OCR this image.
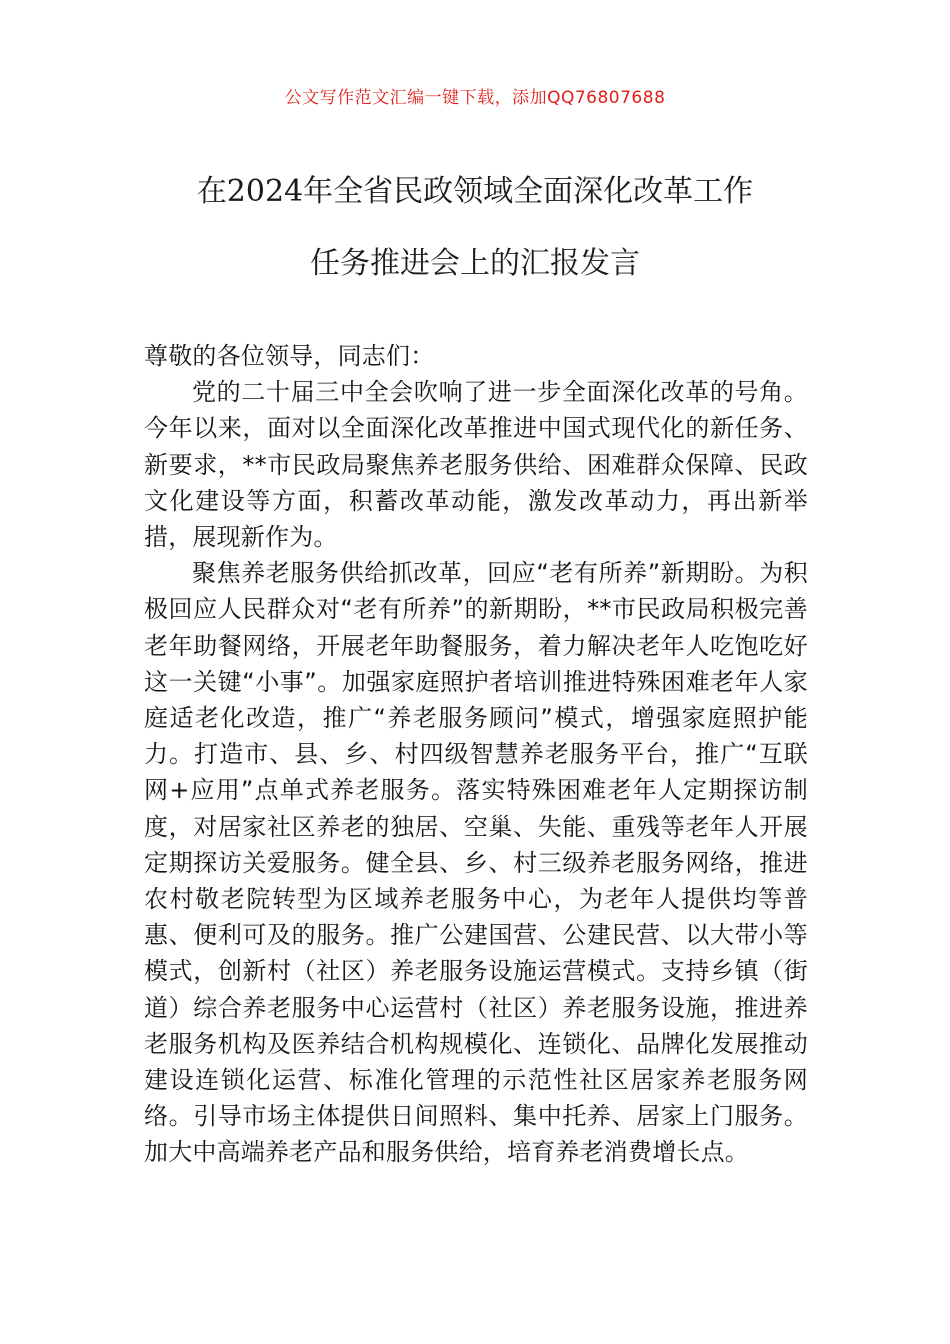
公文写作范文汇编一键下载，添加QQ76807688
在2024年全省民政领域全面深化改革工作
任务推进会上的汇报发言

尊敬的各位领导，同志们：

党的二十届三中全会吹响了进一步全面深化改革的号角。今年以来，面对以全面深化改革推进中国式现代化的新任务、新要求，**市民政局聚焦养老服务供给、困难群众保障、民政文化建设等方面，积蓄改革动能，激发改革动力，再出新举措，展现新作为。

聚焦养老服务供给抓改革，回应“老有所养”新期盼。为积极回应人民群众对“老有所养”的新期盼，**市民政局积极完善老年助餐网络，开展老年助餐服务，着力解决老年人吃饱吃好这一关键“小事”。加强家庭照护者培训推进特殊困难老年人家庭适老化改造，推广“养老服务顾问”模式，增强家庭照护能力。打造市、县、乡、村四级智慧养老服务平台，推广“互联网+应用”点单式养老服务。落实特殊困难老年人定期探访制度，对居家社区养老的独居、空巢、失能、重残等老年人开展定期探访关爱服务。健全县、乡、村三级养老服务网络，推进农村敬老院转型为区域养老服务中心，为老年人提供均等普惠、便利可及的服务。推广公建国营、公建民营、以大带小等模式，创新村（社区）养老服务设施运营模式。支持乡镇（街道）综合养老服务中心运营村（社区）养老服务设施，推进养老服务机构及医养结合机构规模化、连锁化、品牌化发展推动建设连锁化运营、标准化管理的示范性社区居家养老服务网络。引导市场主体提供日间照料、集中托养、居家上门服务。加大中高端养老产品和服务供给，培育养老消费增长点。
